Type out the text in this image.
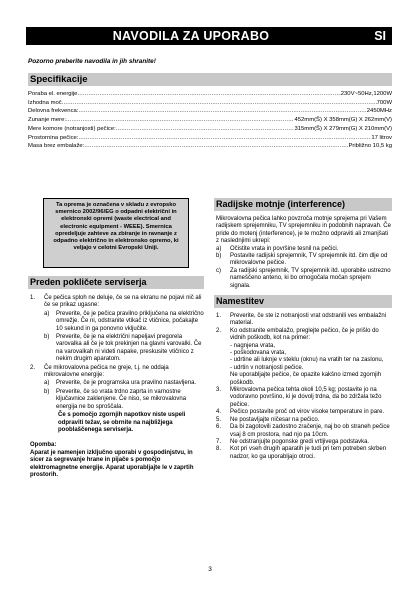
NAVODILA ZA UPORABO	SI
Pozorno preberite navodila in jih shranite!
Specifikacije
Poraba el. energije .....	230V~50Hz,1200W
Izhodna moč .....	700W
Delovna frekvenca: .....	2450MHz
Zunanje mere: .....	452mm(Š) X 358mm(G) X 262mm(V)
Mere komore (notranjosti) pečice: .....	315mm(Š) X 279mm(G) X 210mm(V)
Prostornina pečice: .....	17 litrov
Masa brez embalaže: .....	Približno 10,5 kg
Ta oprema je označena v skladu z evropsko smernico 2002/96/EG o odpadni električni in elektronski opremi (waste electrical and electronic equipment - WEEE). Smernica opredeljuje zahteve za zbiranje in ravnanje z odpadno električno in elektronsko opremo, ki veljajo v celotni Evropski Uniji.
Preden pokličete serviserja
1.	Če pečica sploh ne deluje, če se na ekranu ne pojavi nič ali če se prikaz ugasne:
a)	Preverite, če je pečica pravilno priključena na električno omrežje. Če ni, odstranite vtikač iz vtičnice, počakajte 10 sekund in ga ponovno vključite.
b)	Preverite, če je na električni napeljavi pregorela varovalka ali če je tok prekinjen na glavni varovalki. Če na varovalkah ni videti napake, preskusite vtičnico z nekim drugim aparatom.
2.	Če mikrovalovna pečica ne greje, t.j. ne oddaja mikrovalovne energije:
a)	Preverite, če je programska ura pravilno nastavljena.
b)	Preverite, če so vrata trdno zaprta in varnostne ključavnice zaklenjene. Če niso, se mikrovalovna energija ne bo sproščala.
Če s pomočjo zgornjih napotkov niste uspeli odpraviti težav, se obrnite na najbližjega pooblaščenega serviserja.
Opomba:
Aparat je namenjen izključno uporabi v gospodinjstvu, in sicer za segrevanje hrane in pijače s pomočjo elektromagnetne energije. Aparat uporabljajte le v zaprtih prostorih.
Radijske motnje (interference)
Mikrovalovna pečica lahko povzroča motnje sprejema pri Vašem radijskem sprejemniku, TV sprejemniku in podobnih napravah. Če pride do motenj (interference), je te možno odpraviti ali zmanjšati z naslednjimi ukrepi:
a)	Očistite vrata in površine tesnil na pečici.
b)	Postavite radijski sprejemnik, TV sprejemnik itd. čim dlje od mikrovalovne pečice.
c)	Za radijski sprejemnik, TV sprejemnik itd. uporabite ustrezno nameščeno anteno, ki bo omogočala močan sprejem signala.
Namestitev
1.	Preverite, če ste iz notranjosti vrat odstranili ves embalažni material.
2.	Ko odstranite embalažo, preglejte pečico, če je prišlo do vidnih poškodb, kot na primer:
- nagnjena vrata,
- poškodovana vrata,
- udrtine ali luknje v steklu (oknu) na vratih ter na zaslonu,
- udrtin v notranjosti pečice.
Ne uporabljajte pečice, če opazite kakšno izmed zgornjih poškodb.
3.	Mikrovalovna pečica tehta okoli 10,5 kg; postavite jo na vodoravno površino, ki je dovolj trdna, da bo zdržala težo pečice.
4.	Pečico postavite proč od virov visoke temperature in pare.
5.	Ne postavljajte ničesar na pečico.
6.	Da bi zagotovili zadostno zračenje, naj bo ob straneh pečice vsaj 8 cm prostora, nad njo pa 10cm.
7.	Ne odstranjujte pogonske gredi vrtljivega podstavka.
8.	Kot pri vseh drugih aparatih je tudi pri tem potreben skrben nadzor, ko ga uporabljajo otroci.
3
